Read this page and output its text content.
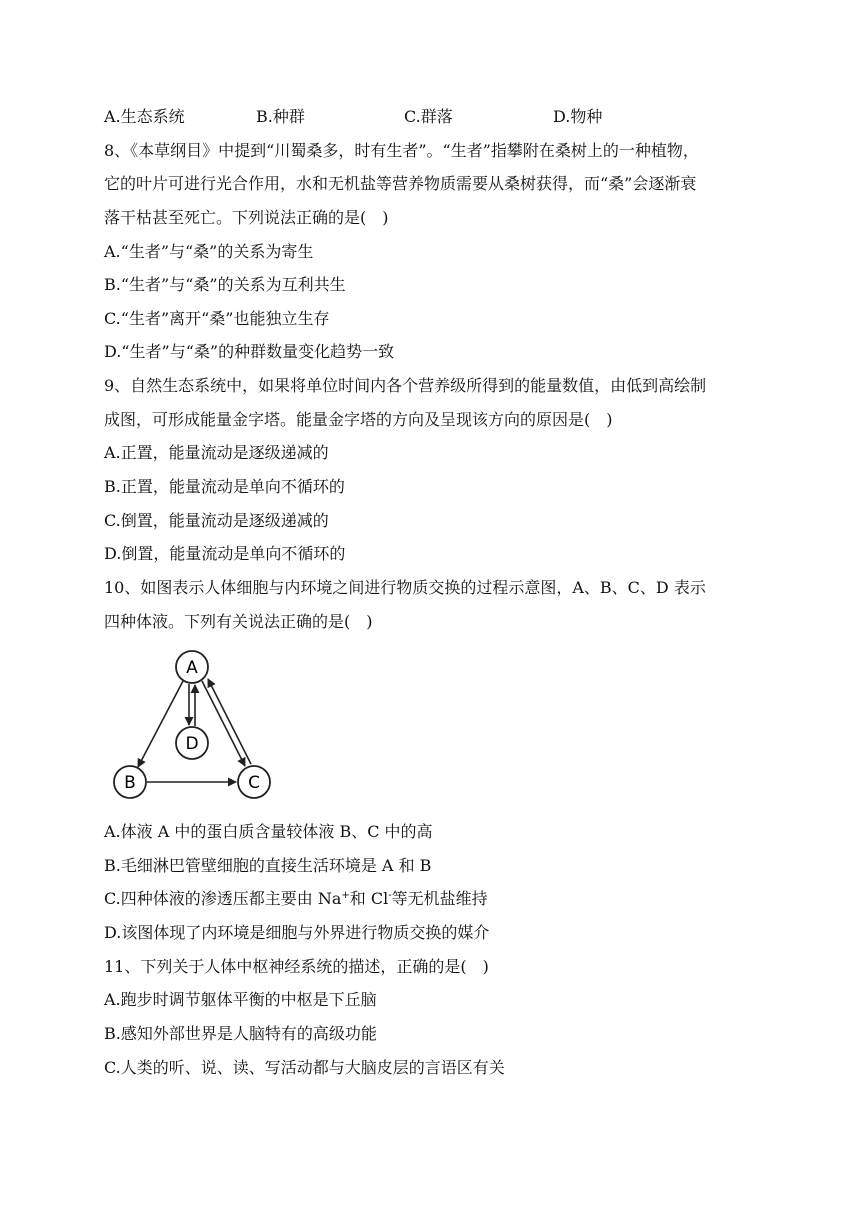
A.生态系统	B.种群	C.群落	D.物种
8、《本草纲目》中提到“川蜀桑多，时有生者”。“生者”指攀附在桑树上的一种植物，
它的叶片可进行光合作用，水和无机盐等营养物质需要从桑树获得，而“桑”会逐渐衰
落干枯甚至死亡。下列说法正确的是(　)
A.“生者”与“桑”的关系为寄生
B.“生者”与“桑”的关系为互利共生
C.“生者”离开“桑”也能独立生存
D.“生者”与“桑”的种群数量变化趋势一致
9、自然生态系统中，如果将单位时间内各个营养级所得到的能量数值，由低到高绘制
成图，可形成能量金字塔。能量金字塔的方向及呈现该方向的原因是(　)
A.正置，能量流动是逐级递减的
B.正置，能量流动是单向不循环的
C.倒置，能量流动是逐级递减的
D.倒置，能量流动是单向不循环的
10、如图表示人体细胞与内环境之间进行物质交换的过程示意图，A、B、C、D 表示
四种体液。下列有关说法正确的是(　)
A
D
B	C
A.体液 A 中的蛋白质含量较体液 B、C 中的高
B.毛细淋巴管壁细胞的直接生活环境是 A 和 B
C.四种体液的渗透压都主要由 Na+和 Cl-等无机盐维持
D.该图体现了内环境是细胞与外界进行物质交换的媒介
11、下列关于人体中枢神经系统的描述，正确的是(　)
A.跑步时调节躯体平衡的中枢是下丘脑
B.感知外部世界是人脑特有的高级功能
C.人类的听、说、读、写活动都与大脑皮层的言语区有关
